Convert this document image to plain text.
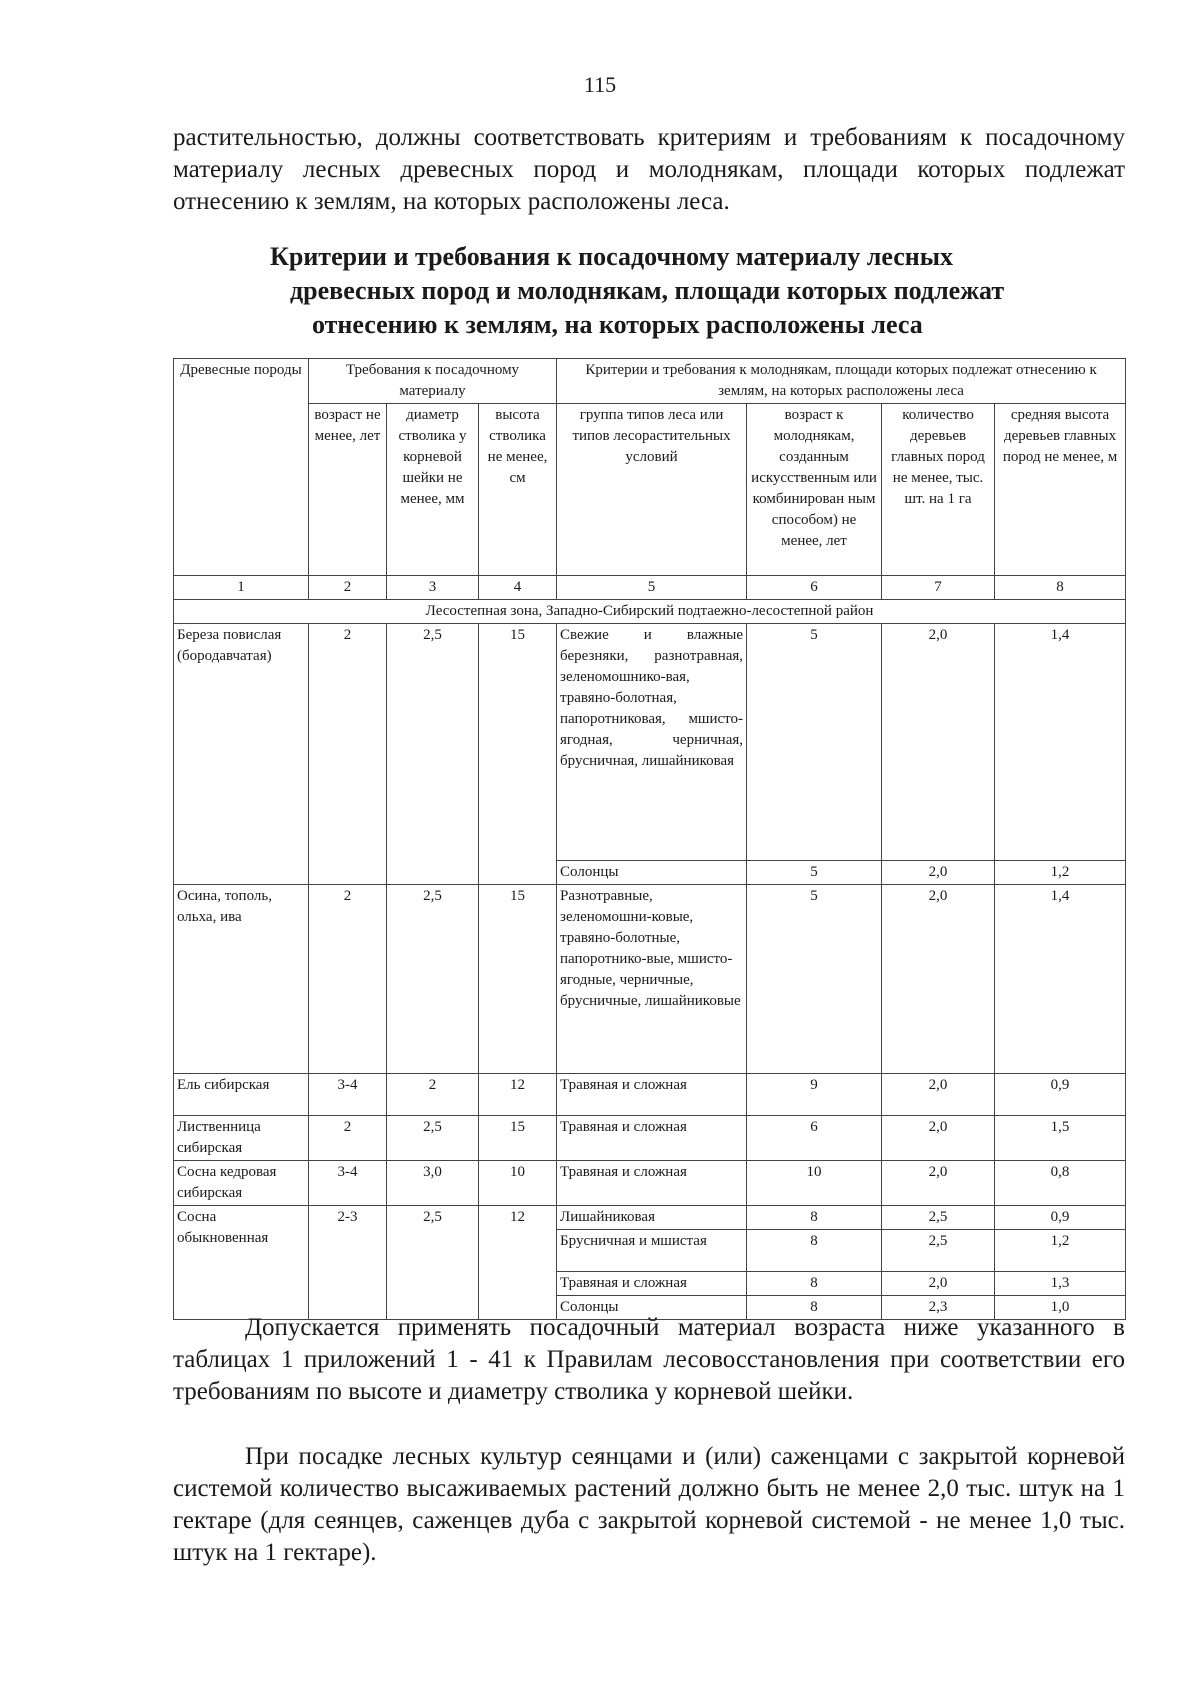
115
растительностью, должны соответствовать критериям и требованиям к посадочному материалу лесных древесных пород и молоднякам, площади которых подлежат отнесению к землям, на которых расположены леса.
Критерии и требования к посадочному материалу лесных
древесных пород и молоднякам, площади которых подлежат
отнесению к землям, на которых расположены леса
Древесные породы	Требования к посадочному материалу			Критерии и требования к молоднякам, площади которых подлежат отнесению к землям, на которых расположены леса			
	возраст не менее, лет	диаметр стволика у корневой шейки не менее, мм	высота стволика не менее, см	группа типов леса или типов лесорастительных условий	возраст к молоднякам, созданным искусственным или комбинирован ным способом) не менее, лет	количество деревьев главных пород не менее, тыс. шт. на 1 га	средняя высота деревьев главных пород не менее, м
1	2	3	4	5	6	7	8
Лесостепная зона, Западно-Сибирский подтаежно-лесостепной район							
Береза повислая (бородавчатая)	2	2,5	15	Свежие и влажные березняки, разнотравная, зеленомошнико-вая, травяно-болотная, папоротниковая, мшисто-ягодная, черничная, брусничная, лишайниковая	5	2,0	1,4
				Солонцы	5	2,0	1,2
Осина, тополь, ольха, ива	2	2,5	15	Разнотравные, зеленомошни-ковые, травяно-болотные, папоротнико-вые, мшисто-ягодные, черничные, брусничные, лишайниковые	5	2,0	1,4
Ель сибирская	3-4	2	12	Травяная и сложная	9	2,0	0,9
Лиственница сибирская	2	2,5	15	Травяная и сложная	6	2,0	1,5
Сосна кедровая сибирская	3-4	3,0	10	Травяная и сложная	10	2,0	0,8
Сосна обыкновенная	2-3	2,5	12	Лишайниковая	8	2,5	0,9
				Брусничная и мшистая	8	2,5	1,2
				Травяная и сложная	8	2,0	1,3
				Солонцы	8	2,3	1,0
Допускается применять посадочный материал возраста ниже указанного в таблицах 1 приложений 1 - 41 к Правилам лесовосстановления при соответствии его требованиям по высоте и диаметру стволика у корневой шейки.
При посадке лесных культур сеянцами и (или) саженцами с закрытой корневой системой количество высаживаемых растений должно быть не менее 2,0 тыс. штук на 1 гектаре (для сеянцев, саженцев дуба с закрытой корневой системой - не менее 1,0 тыс. штук на 1 гектаре).
